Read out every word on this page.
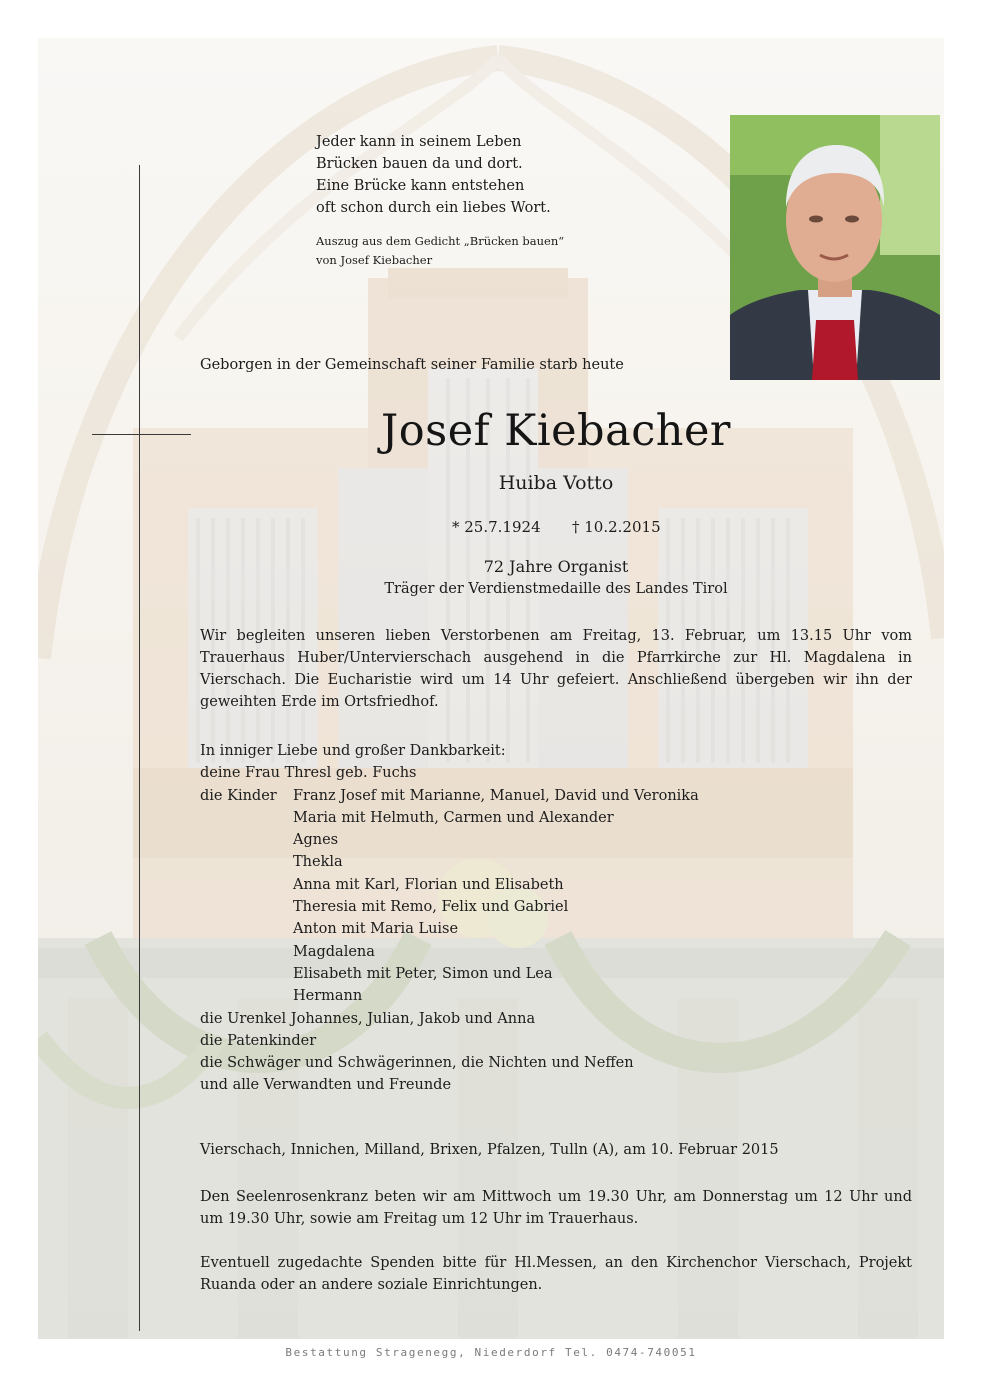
Jeder kann in seinem Leben
Brücken bauen da und dort.
Eine Brücke kann entstehen
oft schon durch ein liebes Wort.
Auszug aus dem Gedicht „Brücken bauen“
von Josef Kiebacher
Geborgen in der Gemeinschaft seiner Familie starb heute
Josef Kiebacher
Huiba Votto
* 25.7.1924 † 10.2.2015
72 Jahre Organist
Träger der Verdienstmedaille des Landes Tirol
Wir begleiten unseren lieben Verstorbenen am Freitag, 13. Februar, um 13.15 Uhr vom Trauerhaus Huber/Untervierschach ausgehend in die Pfarrkirche zur Hl. Magdalena in Vierschach. Die Eucharistie wird um 14 Uhr gefeiert. Anschließend übergeben wir ihn der geweihten Erde im Ortsfriedhof.
In inniger Liebe und großer Dankbarkeit:
deine Frau Thresl geb. Fuchs
die Kinder Franz Josef mit Marianne, Manuel, David und Veronika
Maria mit Helmuth, Carmen und Alexander
Agnes
Thekla
Anna mit Karl, Florian und Elisabeth
Theresia mit Remo, Felix und Gabriel
Anton mit Maria Luise
Magdalena
Elisabeth mit Peter, Simon und Lea
Hermann
die Urenkel Johannes, Julian, Jakob und Anna
die Patenkinder
die Schwäger und Schwägerinnen, die Nichten und Neffen
und alle Verwandten und Freunde
Vierschach, Innichen, Milland, Brixen, Pfalzen, Tulln (A), am 10. Februar 2015
Den Seelenrosenkranz beten wir am Mittwoch um 19.30 Uhr, am Donnerstag um 12 Uhr und um 19.30 Uhr, sowie am Freitag um 12 Uhr im Trauerhaus.
Eventuell zugedachte Spenden bitte für Hl.Messen, an den Kirchenchor Vierschach, Projekt Ruanda oder an andere soziale Einrichtungen.
Bestattung Stragenegg, Niederdorf Tel. 0474-740051
